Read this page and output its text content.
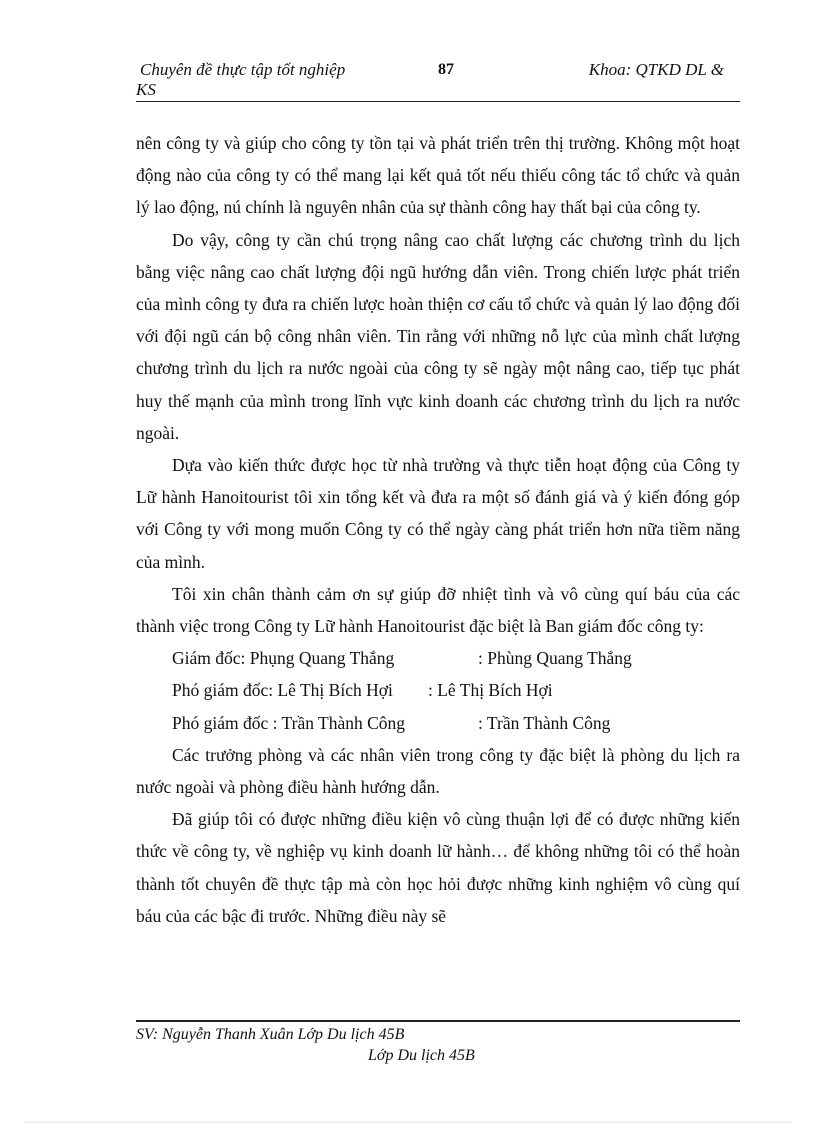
Chuyên đề thực tập tốt nghiệp	87	Khoa: QTKD DL &
KS

nên công ty và giúp cho công ty tồn tại và phát triển trên thị trường. Không một hoạt động nào của công ty có thể mang lại kết quả tốt nếu thiếu công tác tổ chức và quản lý lao động, nú chính là nguyên nhân của sự thành công hay thất bại của công ty.

Do vậy, công ty cần chú trọng nâng cao chất lượng các chương trình du lịch bằng việc nâng cao chất lượng đội ngũ hướng dẫn viên. Trong chiến lược phát triển của mình công ty đưa ra chiến lược hoàn thiện cơ cấu tổ chức và quản lý lao động đối với đội ngũ cán bộ công nhân viên. Tin rằng với những nỗ lực của mình chất lượng chương trình du lịch ra nước ngoài của công ty sẽ ngày một nâng cao, tiếp tục phát huy thế mạnh của mình trong lĩnh vực kinh doanh các chương trình du lịch ra nước ngoài.

Dựa vào kiến thức được học từ nhà trường và thực tiễn hoạt động của Công ty Lữ hành Hanoitourist tôi xin tổng kết và đưa ra một số đánh giá và ý kiến đóng góp với Công ty với mong muốn Công ty có thể ngày càng phát triển hơn nữa tiềm năng của mình.

Tôi xin chân thành cảm ơn sự giúp đỡ nhiệt tình và vô cùng quí báu của các thành việc trong Công ty Lữ hành Hanoitourist đặc biệt là Ban giám đốc công ty:

Giám đốc: Phụng Quang Thắng	: Phùng Quang Thắng
Phó giám đốc: Lê Thị Bích Hợi : Lê Thị Bích Hợi
Phó giám đốc : Trần Thành Công	: Trần Thành Công

Các trưởng phòng và các nhân viên trong công ty đặc biệt là phòng du lịch ra nước ngoài và phòng điều hành hướng dẫn.

Đã giúp tôi có được những điều kiện vô cùng thuận lợi để có được những kiến thức về công ty, về nghiệp vụ kinh doanh lữ hành… để không những tôi có thể hoàn thành tốt chuyên đề thực tập mà còn học hỏi được những kinh nghiệm vô cùng quí báu của các bậc đi trước. Những điều này sẽ

SV: Nguyễn Thanh Xuân Lớp Du lịch 45B
Lớp Du lịch 45B
